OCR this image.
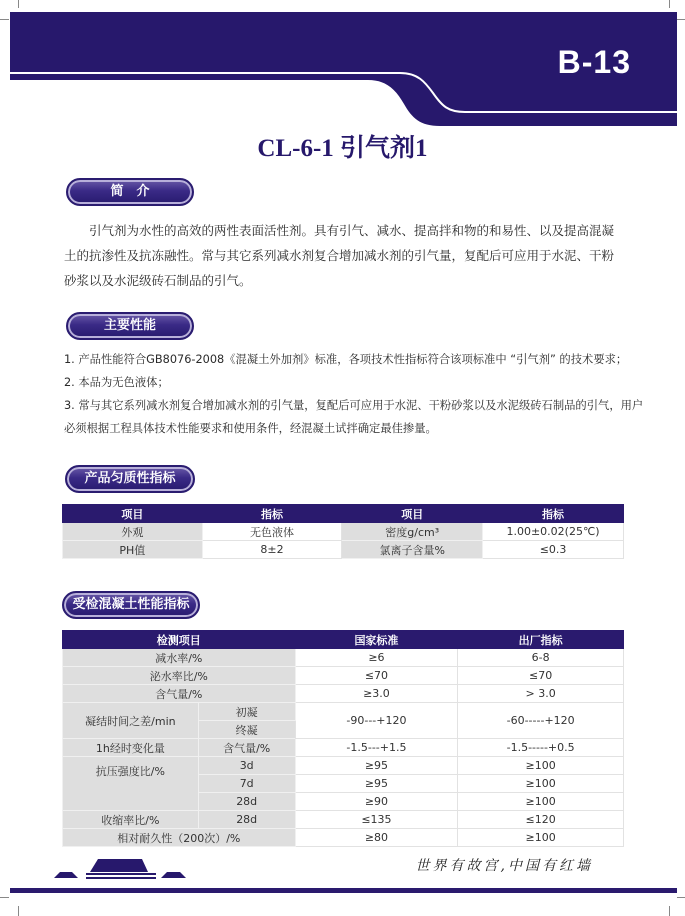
B-13
CL-6-1 引气剂1
简　介
引气剂为水性的高效的两性表面活性剂。具有引气、减水、提高拌和物的和易性、以及提高混凝土的抗渗性及抗冻融性。常与其它系列减水剂复合增加减水剂的引气量，复配后可应用于水泥、干粉砂浆以及水泥级砖石制品的引气。
主要性能
1. 产品性能符合GB8076-2008《混凝土外加剂》标准，各项技术性指标符合该项标准中 “引气剂” 的技术要求；
2. 本品为无色液体；
3. 常与其它系列减水剂复合增加减水剂的引气量，复配后可应用于水泥、干粉砂浆以及水泥级砖石制品的引气，用户必须根据工程具体技术性能要求和使用条件，经混凝土试拌确定最佳掺量。
产品匀质性指标
项目	指标	项目	指标
外观	无色液体	密度g/cm³	1.00±0.02(25℃)
PH值	8±2	氯离子含量%	≤0.3
受检混凝土性能指标
检测项目		国家标准	出厂指标
减水率/%		≥6	6-8
泌水率比/%		≤70	≤70
含气量/%		≥3.0	> 3.0
凝结时间之差/min	初凝	-90---+120	-60-----+120
	终凝		
1h经时变化量	含气量/%	-1.5---+1.5	-1.5-----+0.5
抗压强度比/%	3d	≥95	≥100
	7d	≥95	≥100
	28d	≥90	≥100
收缩率比/%	28d	≤135	≤120
相对耐久性（200次）/%		≥80	≥100
世界有故宫,中国有红墙
